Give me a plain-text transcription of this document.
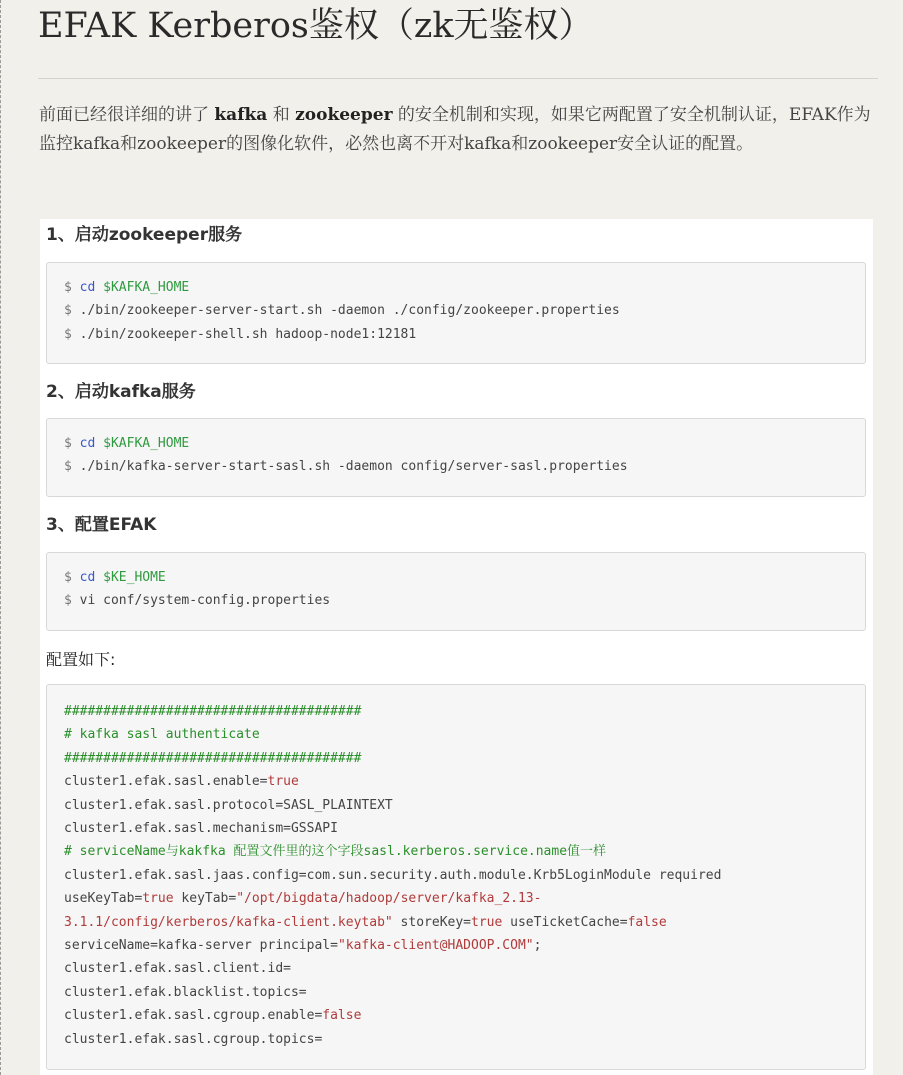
EFAK Kerberos鉴权（zk无鉴权）

前面已经很详细的讲了 kafka 和 zookeeper 的安全机制和实现，如果它两配置了安全机制认证，EFAK作为监控kafka和zookeeper的图像化软件，必然也离不开对kafka和zookeeper安全认证的配置。

1、启动zookeeper服务
$ cd $KAFKA_HOME
$ ./bin/zookeeper-server-start.sh -daemon ./config/zookeeper.properties
$ ./bin/zookeeper-shell.sh hadoop-node1:12181
2、启动kafka服务
$ cd $KAFKA_HOME
$ ./bin/kafka-server-start-sasl.sh -daemon config/server-sasl.properties
3、配置EFAK
$ cd $KE_HOME
$ vi conf/system-config.properties

配置如下:

######################################
# kafka sasl authenticate
######################################
cluster1.efak.sasl.enable=true
cluster1.efak.sasl.protocol=SASL_PLAINTEXT
cluster1.efak.sasl.mechanism=GSSAPI
# serviceName与kakfka 配置文件里的这个字段sasl.kerberos.service.name值一样
cluster1.efak.sasl.jaas.config=com.sun.security.auth.module.Krb5LoginModule required
useKeyTab=true keyTab="/opt/bigdata/hadoop/server/kafka_2.13-
3.1.1/config/kerberos/kafka-client.keytab" storeKey=true useTicketCache=false
serviceName=kafka-server principal="kafka-client@HADOOP.COM";
cluster1.efak.sasl.client.id=
cluster1.efak.blacklist.topics=
cluster1.efak.sasl.cgroup.enable=false
cluster1.efak.sasl.cgroup.topics=
